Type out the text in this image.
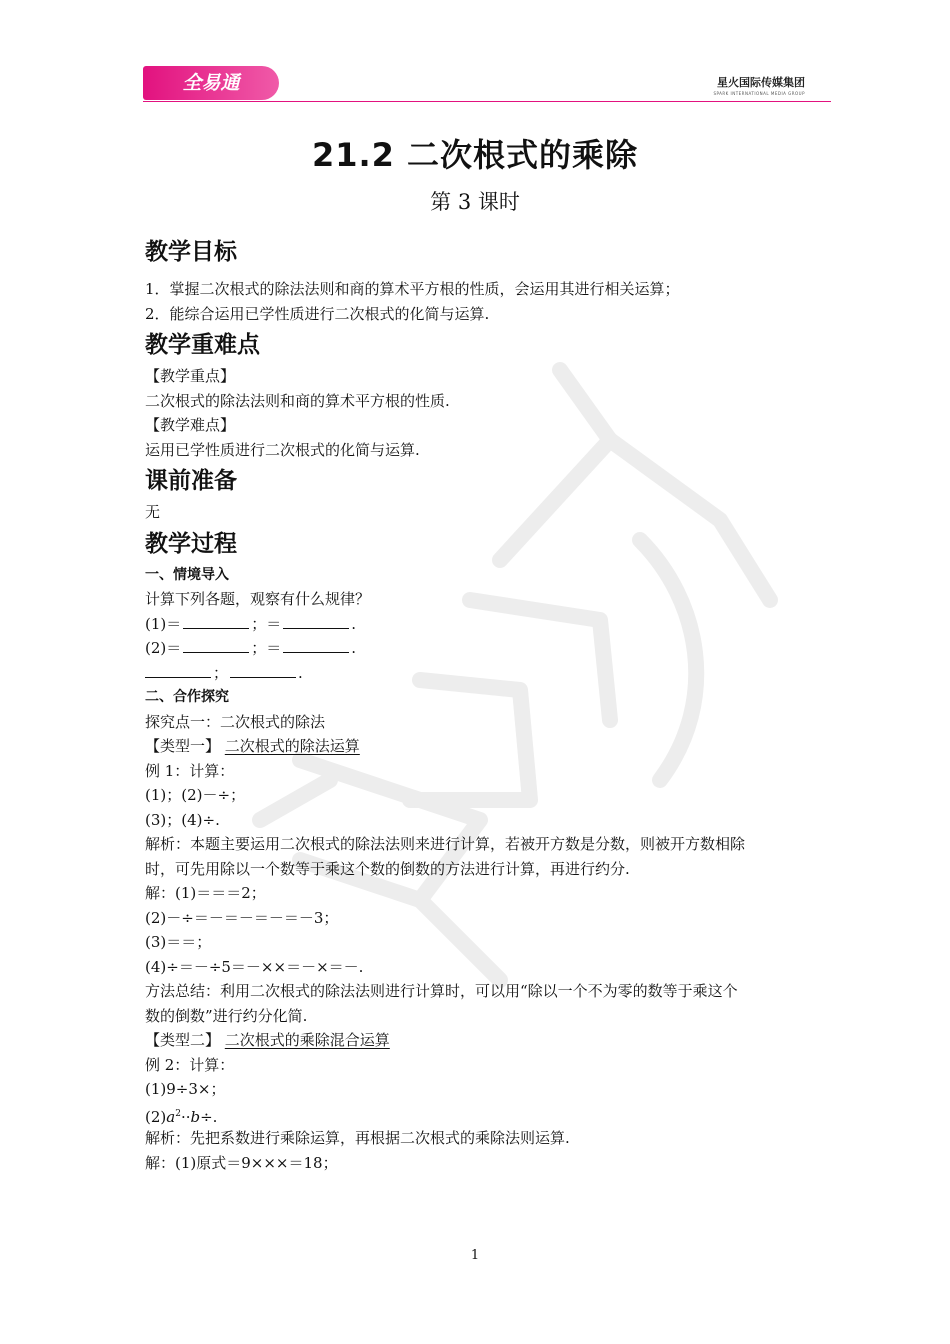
全易通	星火国际传媒集团
SPARK INTERNATIONAL MEDIA GROUP
21.2 二次根式的乘除
第 3 课时
教学目标
1．掌握二次根式的除法法则和商的算术平方根的性质，会运用其进行相关运算；
2．能综合运用已学性质进行二次根式的化简与运算.
教学重难点
【教学重点】
二次根式的除法法则和商的算术平方根的性质.
【教学难点】
运用已学性质进行二次根式的化简与运算.
课前准备
无
教学过程
一、情境导入
计算下列各题，观察有什么规律？
(1)＝	；＝	.
(2)＝	；＝	.
；	.
二、合作探究
探究点一：二次根式的除法
【类型一】 二次根式的除法运算
例 1：计算：
(1)；(2)－÷；
(3)；(4)÷.
解析：本题主要运用二次根式的除法法则来进行计算，若被开方数是分数，则被开方数相除
时，可先用除以一个数等于乘这个数的倒数的方法进行计算，再进行约分.
解：(1)＝＝＝2；
(2)－÷＝－＝－＝－＝－3；
(3)＝＝；
(4)÷＝－÷5＝－××＝－×＝－.
方法总结：利用二次根式的除法法则进行计算时，可以用“除以一个不为零的数等于乘这个
数的倒数”进行约分化简.
【类型二】 二次根式的乘除混合运算
例 2：计算：
(1)9÷3×；
$(2)a^2\cdot\cdot b\div$.
解析：先把系数进行乘除运算，再根据二次根式的乘除法则运算.
解：(1)原式＝9×××＝18；
1
